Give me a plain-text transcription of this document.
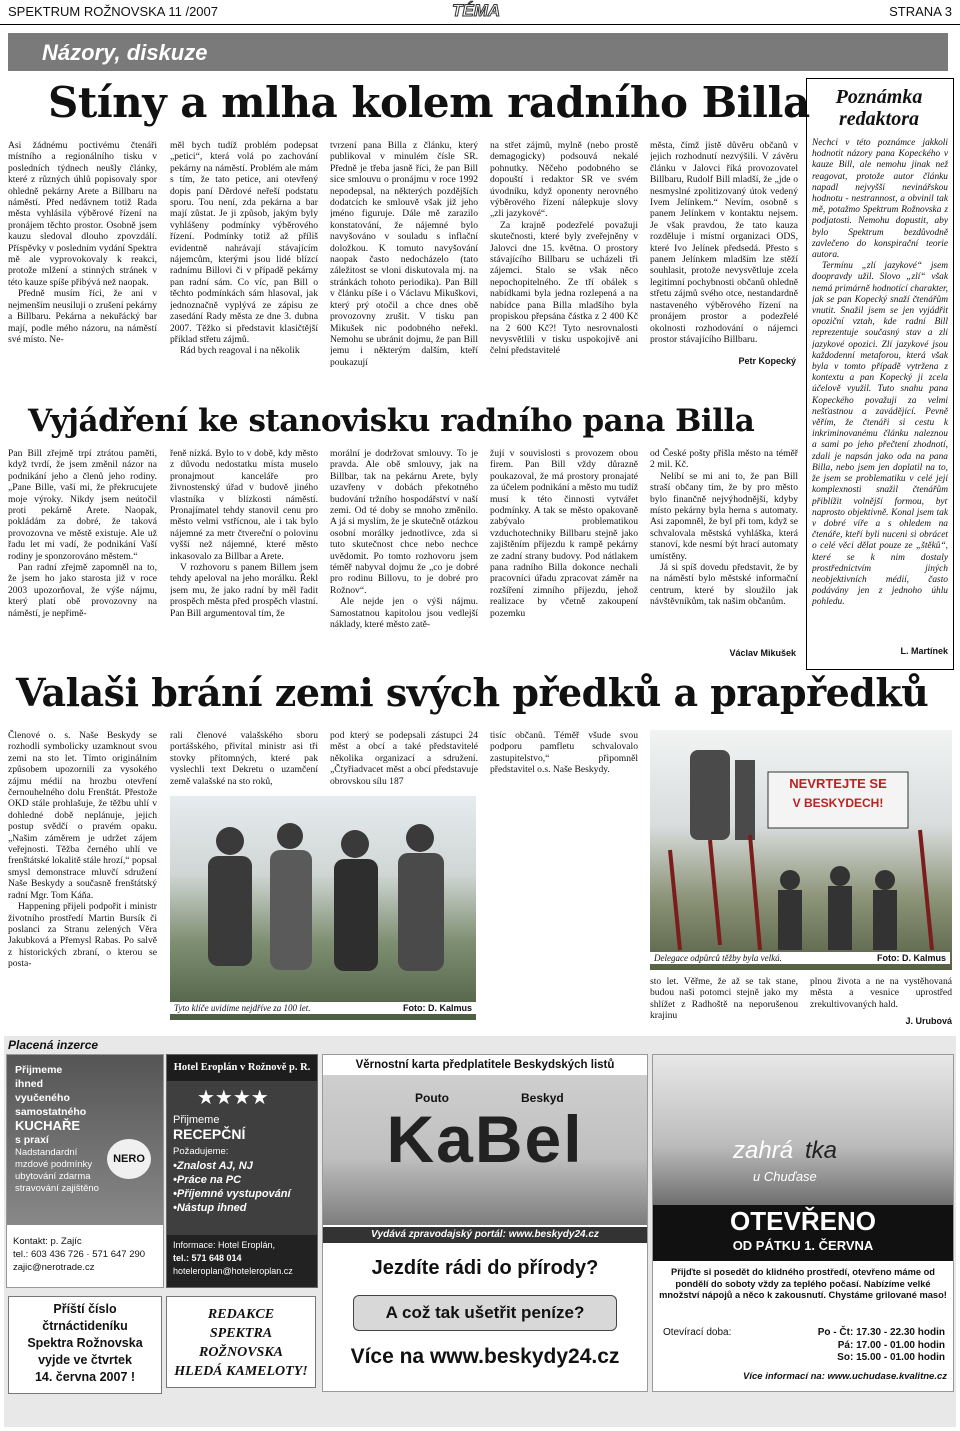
SPEKTRUM ROŽNOVSKA 11 /2007	TÉMA	STRANA 3
Názory, diskuze
Stíny a mlha kolem radního Billa

Asi žádnému poctivému čtenáři místního a regionálního tisku v posledních týdnech neušly články, které z různých úhlů popisovaly spor ohledně pekárny Arete a Billbaru na náměstí. Před nedávnem totiž Rada města vyhlásila výběrové řízení na pronájem těchto prostor. Osobně jsem kauzu sledoval dlouho zpovzdálí. Příspěvky v posledním vydání Spektra mě ale vyprovokovaly k reakci, protože mlžení a stinných stránek v této kauze spíše přibývá než naopak.

Předně musím říci, že ani v nejmenším neusiluji o zrušení pekárny a Billbaru. Pekárna a nekuřácký bar mají, podle mého názoru, na náměstí své místo. Ne-

měl bych tudíž problém podepsat „petici“, která volá po zachování pekárny na náměstí. Problém ale mám s tím, že tato petice, ani otevřený dopis paní Děrdové neřeší podstatu sporu. Tou není, zda pekárna a bar mají zůstat. Je ji způsob, jakým byly vyhlášeny podmínky výběrového řízení. Podmínky totiž až příliš evidentně nahrávají stávajícím nájemcům, kterými jsou lidé blízcí radnímu Billovi či v případě pekárny pan radní sám. Co víc, pan Bill o těchto podmínkách sám hlasoval, jak jednoznačně vyplývá ze zápisu ze zasedání Rady města ze dne 3. dubna 2007. Těžko si představit klasičtější příklad střetu zájmů.

Rád bych reagoval i na několik

tvrzení pana Billa z článku, který publikoval v minulém čísle SR. Předně je třeba jasně říci, že pan Bill sice smlouvu o pronájmu v roce 1992 nepodepsal, na některých pozdějších dodatcích ke smlouvě však již jeho jméno figuruje. Dále mě zarazilo konstatování, že nájemné bylo navyšováno v souladu s inflační doložkou. K tomuto navyšování naopak často nedocházelo (tato záležitost se vloni diskutovala mj. na stránkách tohoto periodika). Pan Bill v článku píše i o Václavu Mikuškovi, který prý otočil a chce dnes obě provozovny zrušit. V tisku pan Mikušek nic podobného neřekl. Nemohu se ubránit dojmu, že pan Bill jemu i některým dalším, kteří poukazují

na střet zájmů, mylně (nebo prostě demagogicky) podsouvá nekalé pohnutky. Něčeho podobného se dopouští i redaktor SR ve svém úvodníku, když oponenty nerovného výběrového řízení nálepkuje slovy „zli jazykové“.

Za krajně podezřelé považuji skutečnosti, které byly zveřejněny v Jalovci dne 15. května. O prostory stávajícího Billbaru se ucházeli tři zájemci. Stalo se však něco nepochopitelného. Ze tří obálek s nabídkami byla jedna rozlepená a na nabídce pana Billa mladšího byla propiskou přepsána částka z 2 400 Kč na 2 600 Kč?! Tyto nesrovnalosti nevysvětlili v tisku uspokojivě ani čelní představitelé

města, čímž jistě důvěru občanů v jejich rozhodnutí nezvýšili. V závěru článku v Jalovci říká provozovatel Billbaru, Rudolf Bill mladší, že „jde o nesmyslné zpolitizovaný útok vedený Ivem Jelínkem.“ Nevím, osobně s panem Jelínkem v kontaktu nejsem. Je však pravdou, že tato kauza rozděluje i místní organizaci ODS, které Ivo Jelínek předsedá. Přesto s panem Jelínkem mladším lze stěží souhlasit, protože nevysvětluje zcela legitimní pochybnosti občanů ohledně střetu zájmů svého otce, nestandardně nastaveného výběrového řízení na pronájem prostor a podezřelé okolnosti rozhodování o nájemci prostor stávajícího Billbaru.

Petr Kopecký
Poznámka redaktora

Nechci v této poznámce jakkoli hodnotit názory pana Kopeckého v kauze Bill, ale nemohu jinak než reagovat, protože autor článku napadl nejvyšší nevinářskou hodnotu - nestrannost, a obvinil tak mě, potažmo Spektrum Rožnovska z podjatosti. Nemohu dopustit, aby bylo Spektrum bezdůvodně zavlečeno do konspirační teorie autora.

Termínu „zlí jazykové“ jsem doopravdy užil. Slovo „zlí“ však nemá primárně hodnotící charakter, jak se pan Kopecký snaží čtenářům vnutit. Snažil jsem se jen vyjádřit opoziční vztah, kde radní Bill reprezentuje současný stav a zlí jazykové opozici. Zlí jazykové jsou každodenní metaforou, která však byla v tomto případě vytržena z kontextu a pan Kopecký ji zcela účelově využil. Tuto snahu pana Kopeckého považuji za velmi nešťastnou a zavádějící. Pevně věřím, že čtenáři si cestu k inkriminovanému článku naleznou a sami po jeho přečtení zhodnotí, zdali je napsán jako oda na pana Billa, nebo jsem jen doplatil na to, že jsem se problematiku v celé její komplexnosti snažil čtenářům přiblížit volnější formou, byť naprosto objektivně. Konal jsem tak v dobré víře a s ohledem na čtenáře, kteří byli nuceni si obrácet o celé věci dělat pouze ze „štěků“, které se k nim dostaly prostřednictvím jiných neobjektivních médií, často podávány jen z jednoho úhlu pohledu.

L. Martínek
Vyjádření ke stanovisku radního pana Billa

Pan Bill zřejmě trpí ztrátou paměti, když tvrdí, že jsem změnil názor na podnikání jeho a členů jeho rodiny. „Pane Bille, vaší mi, že překrucujete moje výroky. Nikdy jsem neútočil proti pekárně Arete. Naopak, pokládám za dobré, že taková provozovna ve městě existuje. Ale už řadu let mi vadí, že podnikání Vaší rodiny je sponzorováno městem.“

Pan radní zřejmě zapomněl na to, že jsem ho jako starosta již v roce 2003 upozorňoval, že výše nájmu, který platí obě provozovny na náměstí, je nepřimě-

řeně nízká. Bylo to v době, kdy město z důvodu nedostatku místa muselo pronajmout kanceláře pro živnostenský úřad v budově jiného vlastníka v blízkosti náměstí. Pronajímatel tehdy stanovil cenu pro město velmi vstřícnou, ale i tak bylo nájemné za metr čtvereční o polovinu vyšší než nájemné, které město inkasovalo za Billbar a Arete.

V rozhovoru s panem Billem jsem tehdy apeloval na jeho morálku. Řekl jsem mu, že jako radní by měl řadit prospěch města před prospěch vlastní. Pan Bill argumentoval tím, že

morální je dodržovat smlouvy. To je pravda. Ale obě smlouvy, jak na Billbar, tak na pekárnu Arete, byly uzavřeny v dobách překotného budování tržního hospodářství v naší zemi. Od té doby se mnoho změnilo. A já si myslím, že je skutečně otázkou osobní morálky jednotlivce, zda si tuto skutečnost chce nebo nechce uvědomit. Po tomto rozhovoru jsem téměř nabyval dojmu že „co je dobré pro rodinu Billovu, to je dobré pro Rožnov“.

Ale nejde jen o výši nájmu. Samostatnou kapitolou jsou vedlejší náklady, které město zatě-

žují v souvislosti s provozem obou firem. Pan Bill vždy důrazně poukazoval, že má prostory pronajaté za účelem podnikání a město mu tudíž musí k této činnosti vytvářet podmínky. A tak se město opakovaně zabývalo problematikou vzduchotechniky Billbaru stejně jako zajištěním příjezdu k rampě pekárny ze zadní strany budovy. Pod nátlakem pana radního Billa dokonce nechali pracovníci úřadu zpracovat záměr na rozšíření zimního příjezdu, jehož realizace by včetně zakoupení pozemku

od České pošty přišla město na téměř 2 mil. Kč.

Nelíbí se mi ani to, že pan Bill straší občany tím, že by pro město bylo finančně nejvýhodnější, kdyby místo pekárny byla herna s automaty. Asi zapomněl, že byl při tom, když se schvalovala městská vyhláška, která stanoví, kde nesmí být hrací automaty umístěny.

Já si spíš dovedu představit, že by na náměstí bylo městské informační centrum, které by sloužilo jak návštěvníkům, tak našim občanům.

Václav Mikušek
Valaši brání zemi svých předků a prapředků

Členové o. s. Naše Beskydy se rozhodli symbolicky uzamknout svou zemi na sto let. Tímto originálním způsobem upozornili za vysokého zájmu médií na hrozbu otevření černouhelného dolu Frenštát. Přestože OKD stále prohlašuje, že těžbu uhlí v dohledné době neplánuje, jejich postup svědčí o pravém opaku. „Našim záměrem je udržet zájem veřejnosti. Těžba černého uhlí ve frenštátské lokalitě stále hrozí,“ popsal smysl demonstrace mluvčí sdružení Naše Beskydy a současně frenštátský radní Mgr. Tom Káňa.

Happening přijeli podpořit i ministr životního prostředí Martin Bursík či poslanci za Stranu zelených Věra Jakubková a Přemysl Rabas. Po salvě z historických zbraní, o kterou se posta-

rali členové valašského sboru portášského, přivítal ministr asi tři stovky přítomných, které pak vyslechli text Dekretu o uzamčení země valašské na sto roků,

pod který se podepsali zástupci 24 měst a obcí a také představitelé několika organizací a sdružení. „Čtyřiadvacet měst a obcí představuje obrovskou sílu 187

tisíc občanů. Téměř všude svou podporu pamfletu schvalovalo zastupitelstvo,“ připomněl představitel o.s. Naše Beskydy.

sto let. Věřme, že až se tak stane, budou naši potomci stejně jako my shlížet z Radhoště na neporušenou krajinu

plnou života a ne na vystěhovaná města a vesnice uprostřed zrekultivovaných hald.

J. Urubová
Tyto klíče uvidíme nejdříve za 100 let.	Foto: D. Kalmus
NEVRTEJTE SE
V BESKYDECH!
Delegace odpůrců těžby byla velká.	Foto: D. Kalmus
Placená inzerce
Přijmeme
ihned
vyučeného
samostatného
KUCHAŘE
s praxí
Nadstandardní
mzdové podmínky
ubytování zdarma
stravování zajištěno
NERO
Kontakt: p. Zajíc
tel.: 603 436 726 · 571 647 290
zajic@nerotrade.cz
Příští číslo
čtrnáctideníku
Spektra Rožnovska
vyjde ve čtvrtek
14. června 2007 !
Hotel Eroplán v Rožnově p. R.
★★★★
Přijmeme
RECEPČNÍ
Požadujeme:
•Znalost AJ, NJ
•Práce na PC
•Příjemné vystupování
•Nástup ihned
Informace: Hotel Eroplán,
tel.: 571 648 014
hoteleroplan@hoteleroplan.cz
REDAKCE
SPEKTRA
ROŽNOVSKA
HLEDÁ KAMELOTY!
Věrnostní karta předplatitele Beskydských listů
Pouto	Beskyd
KaBel
Vydává zpravodajský portál: www.beskydy24.cz
Jezdíte rádi do přírody?
A což tak ušetřit peníze?
Více na www.beskydy24.cz
zahrá tka
u Chuďase
OTEVŘENO
OD PÁTKU 1. ČERVNA
Přijďte si posedět do klidného prostředí, otevřeno máme od pondělí do soboty vždy za teplého počasí. Nabízíme velké množství nápojů a něco k zakousnutí. Chystáme grilované maso!
Otevírací doba:	Po - Čt: 17.30 - 22.30 hodin
Pá: 17.00 - 01.00 hodin
So: 15.00 - 01.00 hodin
Více informací na: www.uchudase.kvalitne.cz
